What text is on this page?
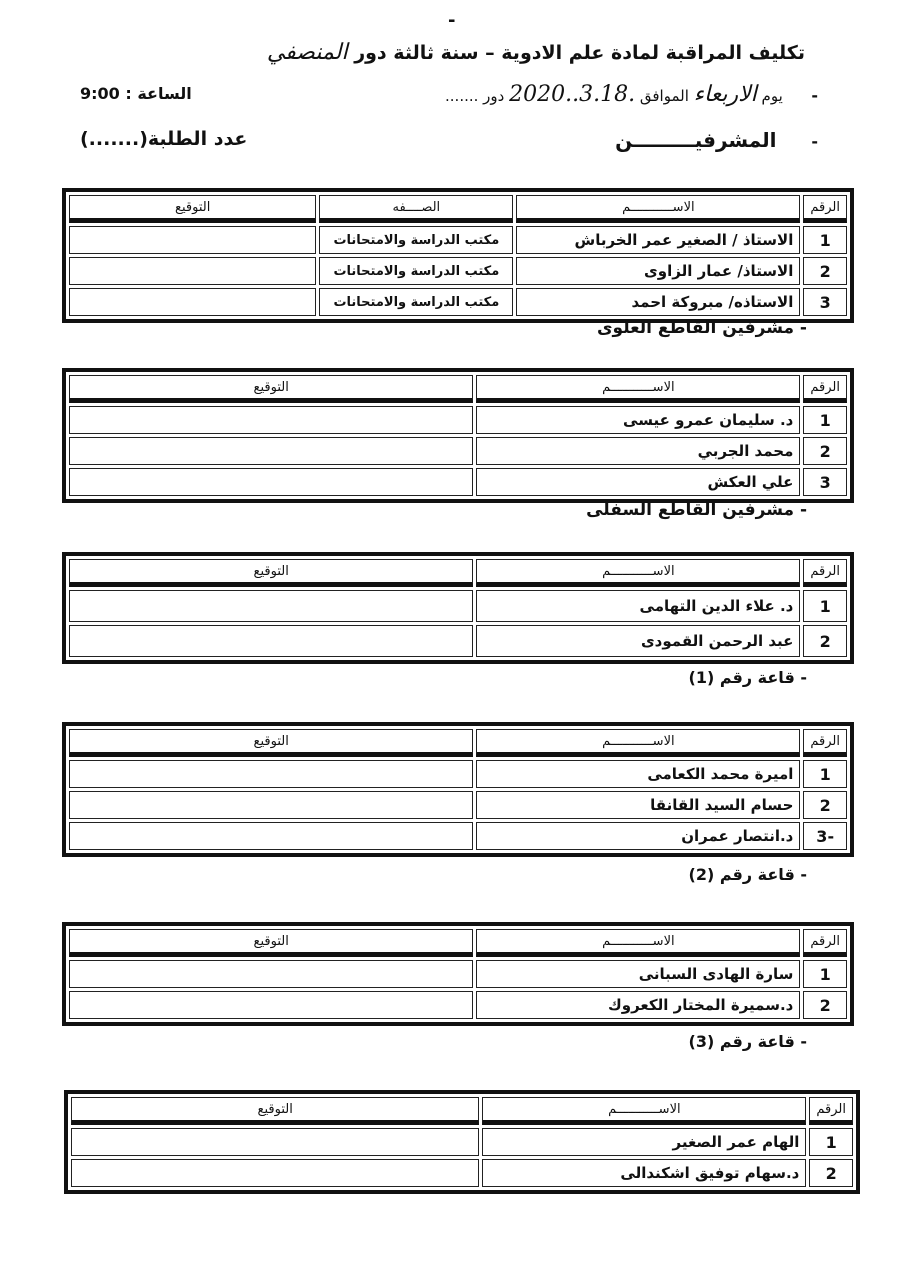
-
تكليف المراقبة لمادة علم الادوية – سنة ثالثة دور المنصفي
-      يوم الاربعاء الموافق .3.18..2020 دور .......
الساعة : 9:00
-     المشرفيـــــــــن
عدد الطلبة(.......)
الرقم	الاســـــــــــم	الصــــفه	التوقيع
1	الاستاذ / الصغير عمر الخرباش	مكتب الدراسة والامتحانات	
2	الاستاذ/ عمار الزاوى	مكتب الدراسة والامتحانات	
3	الاستاذه/ مبروكة احمد	مكتب الدراسة والامتحانات	
- مشرفين القاطع العلوى
الرقم	الاســـــــــــم	التوقيع
1	د. سليمان عمرو عيسى	
2	محمد الجربي	
3	علي العكش	
- مشرفين القاطع السفلى
الرقم	الاســـــــــــم	التوقيع
1	د. علاء الدين التهامى	
2	عبد الرحمن القمودى	
- قاعة رقم (1)
الرقم	الاســـــــــــم	التوقيع
1	اميرة محمد الكعامى	
2	حسام السيد القانقا	
-3	د.انتصار عمران	
- قاعة رقم (2)
الرقم	الاســـــــــــم	التوقيع
1	سارة الهادى السبانى	
2	د.سميرة المختار الكعروك	
- قاعة رقم (3)
الرقم	الاســـــــــــم	التوقيع
1	الهام عمر الصغير	
2	د.سهام توفيق اشكندالى	
